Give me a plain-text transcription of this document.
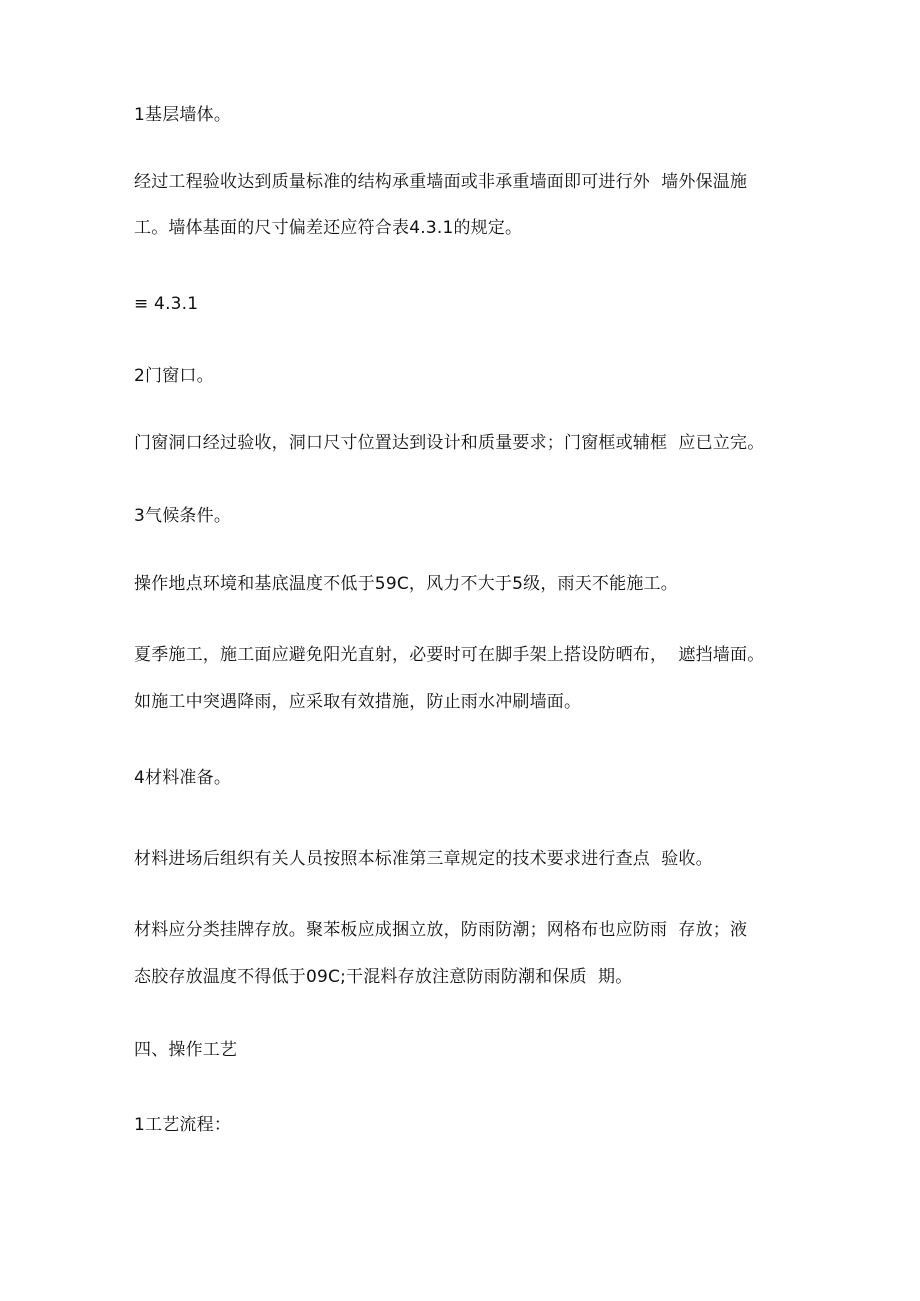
1基层墙体。
经过工程验收达到质量标准的结构承重墙面或非承重墙面即可进行外  墙外保温施
工。墙体基面的尺寸偏差还应符合表4.3.1的规定。
≡ 4.3.1
2门窗口。
门窗洞口经过验收，洞口尺寸位置达到设计和质量要求；门窗框或辅框  应已立完。
3气候条件。
操作地点环境和基底温度不低于59C，风力不大于5级，雨天不能施工。
夏季施工，施工面应避免阳光直射，必要时可在脚手架上搭设防晒布，  遮挡墙面。
如施工中突遇降雨，应采取有效措施，防止雨水冲刷墙面。
4材料准备。
材料进场后组织有关人员按照本标准第三章规定的技术要求进行查点  验收。
材料应分类挂牌存放。聚苯板应成捆立放，防雨防潮；网格布也应防雨  存放；液
态胶存放温度不得低于09C;干混料存放注意防雨防潮和保质  期。
四、操作工艺
1工艺流程：
